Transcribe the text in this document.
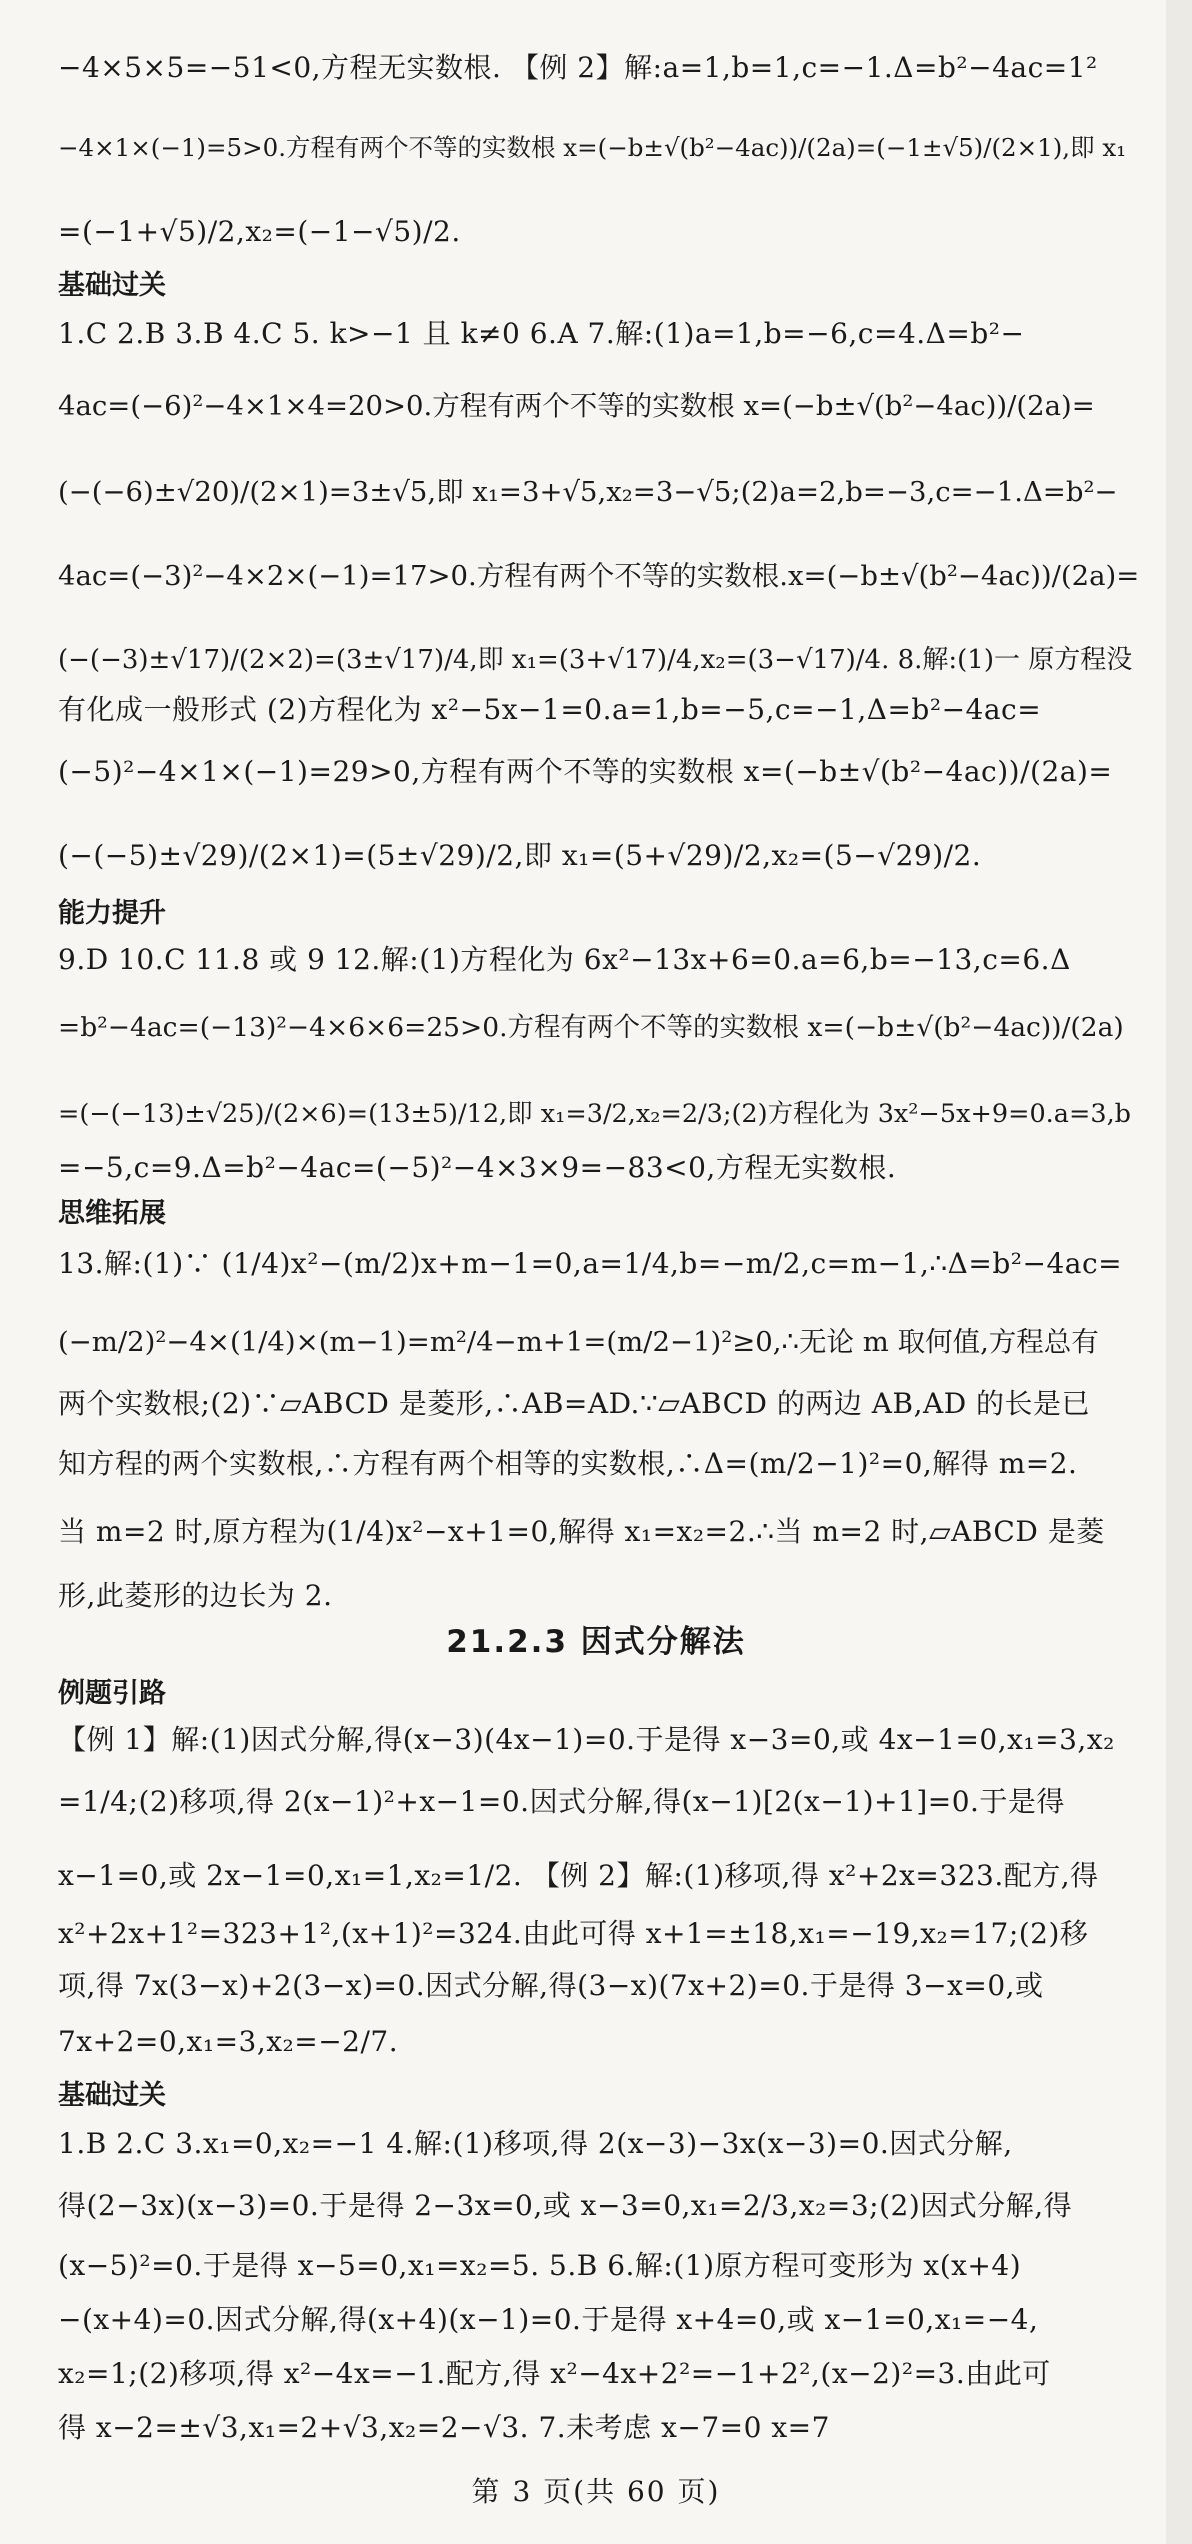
−4×5×5=−51<0,方程无实数根. 【例 2】解:a=1,b=1,c=−1.Δ=b²−4ac=1²
−4×1×(−1)=5>0.方程有两个不等的实数根 x=(−b±√(b²−4ac))/(2a)=(−1±√5)/(2×1),即 x₁
=(−1+√5)/2,x₂=(−1−√5)/2.
基础过关
1.C 2.B 3.B 4.C 5. k>−1 且 k≠0 6.A 7.解:(1)a=1,b=−6,c=4.Δ=b²−
4ac=(−6)²−4×1×4=20>0.方程有两个不等的实数根 x=(−b±√(b²−4ac))/(2a)=
(−(−6)±√20)/(2×1)=3±√5,即 x₁=3+√5,x₂=3−√5;(2)a=2,b=−3,c=−1.Δ=b²−
4ac=(−3)²−4×2×(−1)=17>0.方程有两个不等的实数根.x=(−b±√(b²−4ac))/(2a)=
(−(−3)±√17)/(2×2)=(3±√17)/4,即 x₁=(3+√17)/4,x₂=(3−√17)/4. 8.解:(1)一 原方程没
有化成一般形式 (2)方程化为 x²−5x−1=0.a=1,b=−5,c=−1,Δ=b²−4ac=
(−5)²−4×1×(−1)=29>0,方程有两个不等的实数根 x=(−b±√(b²−4ac))/(2a)=
(−(−5)±√29)/(2×1)=(5±√29)/2,即 x₁=(5+√29)/2,x₂=(5−√29)/2.
能力提升
9.D 10.C 11.8 或 9 12.解:(1)方程化为 6x²−13x+6=0.a=6,b=−13,c=6.Δ
=b²−4ac=(−13)²−4×6×6=25>0.方程有两个不等的实数根 x=(−b±√(b²−4ac))/(2a)
=(−(−13)±√25)/(2×6)=(13±5)/12,即 x₁=3/2,x₂=2/3;(2)方程化为 3x²−5x+9=0.a=3,b
=−5,c=9.Δ=b²−4ac=(−5)²−4×3×9=−83<0,方程无实数根.
思维拓展
13.解:(1)∵ (1/4)x²−(m/2)x+m−1=0,a=1/4,b=−m/2,c=m−1,∴Δ=b²−4ac=
(−m/2)²−4×(1/4)×(m−1)=m²/4−m+1=(m/2−1)²≥0,∴无论 m 取何值,方程总有
两个实数根;(2)∵▱ABCD 是菱形,∴AB=AD.∵▱ABCD 的两边 AB,AD 的长是已
知方程的两个实数根,∴方程有两个相等的实数根,∴Δ=(m/2−1)²=0,解得 m=2.
当 m=2 时,原方程为(1/4)x²−x+1=0,解得 x₁=x₂=2.∴当 m=2 时,▱ABCD 是菱
形,此菱形的边长为 2.
21.2.3 因式分解法
例题引路
【例 1】解:(1)因式分解,得(x−3)(4x−1)=0.于是得 x−3=0,或 4x−1=0,x₁=3,x₂
=1/4;(2)移项,得 2(x−1)²+x−1=0.因式分解,得(x−1)[2(x−1)+1]=0.于是得
x−1=0,或 2x−1=0,x₁=1,x₂=1/2. 【例 2】解:(1)移项,得 x²+2x=323.配方,得
x²+2x+1²=323+1²,(x+1)²=324.由此可得 x+1=±18,x₁=−19,x₂=17;(2)移
项,得 7x(3−x)+2(3−x)=0.因式分解,得(3−x)(7x+2)=0.于是得 3−x=0,或
7x+2=0,x₁=3,x₂=−2/7.
基础过关
1.B 2.C 3.x₁=0,x₂=−1 4.解:(1)移项,得 2(x−3)−3x(x−3)=0.因式分解,
得(2−3x)(x−3)=0.于是得 2−3x=0,或 x−3=0,x₁=2/3,x₂=3;(2)因式分解,得
(x−5)²=0.于是得 x−5=0,x₁=x₂=5. 5.B 6.解:(1)原方程可变形为 x(x+4)
−(x+4)=0.因式分解,得(x+4)(x−1)=0.于是得 x+4=0,或 x−1=0,x₁=−4,
x₂=1;(2)移项,得 x²−4x=−1.配方,得 x²−4x+2²=−1+2²,(x−2)²=3.由此可
得 x−2=±√3,x₁=2+√3,x₂=2−√3. 7.未考虑 x−7=0 x=7
第 3 页(共 60 页)
